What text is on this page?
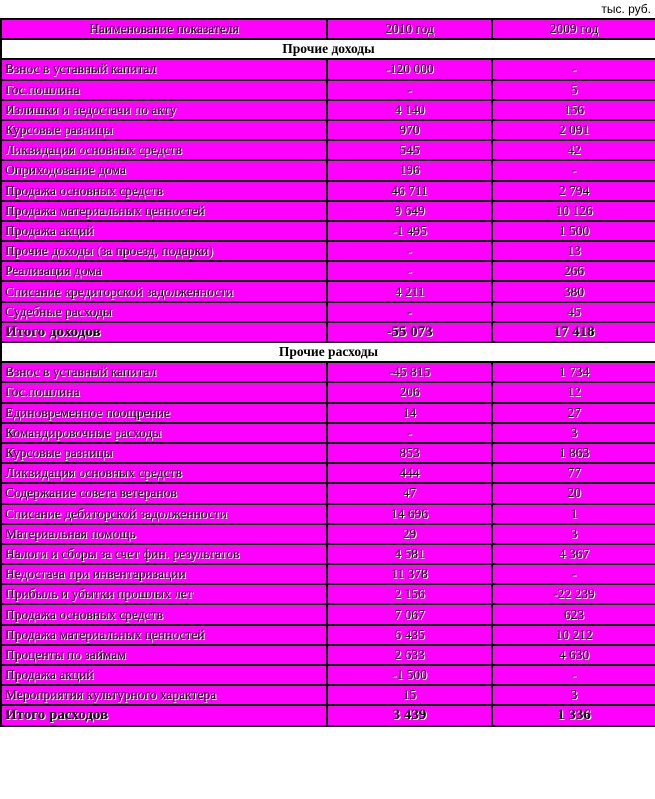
тыс. руб.
Наименование показателя	2010 год	2009 год
Прочие доходы		
Взнос в уставный капитал	-120 000	-
Гос.пошлина	-	5
Излишки и недостачи по акту	4 140	156
Курсовые разницы	970	2 091
Ликвидация основных средств	545	42
Оприходование дома	196	-
Продажа основных средств	46 711	2 794
Продажа материальных ценностей	9 649	10 126
Продажа акций	-1 495	1 500
Прочие доходы (за проезд, подарки)	-	13
Реализация дома	-	266
Списание кредиторской задолженности	4 211	380
Судебные расходы	-	45
Итого доходов	-55 073	17 418
Прочие расходы		
Взнос в уставный капитал	-45 815	1 734
Гос.пошлина	206	12
Единовременное поощрение	14	27
Командировочные расходы	-	3
Курсовые разницы	853	1 863
Ликвидация основных средств	444	77
Содержание совета ветеранов	47	20
Списание дебиторской задолженности	14 696	1
Материальная помощь	29	3
Налоги и сборы за счет фин. результатов	4 581	4 367
Недостача при инвентаризации	11 378	-
Прибыль и убытки прошлых лет	2 156	-22 239
Продажа основных средств	7 067	623
Продажа материальных ценностей	6 435	10 212
Проценты по займам	2 633	4 630
Продажа акций	-1 500	-
Мероприятия культурного характера	15	3
Итого расходов	3 439	1 336
